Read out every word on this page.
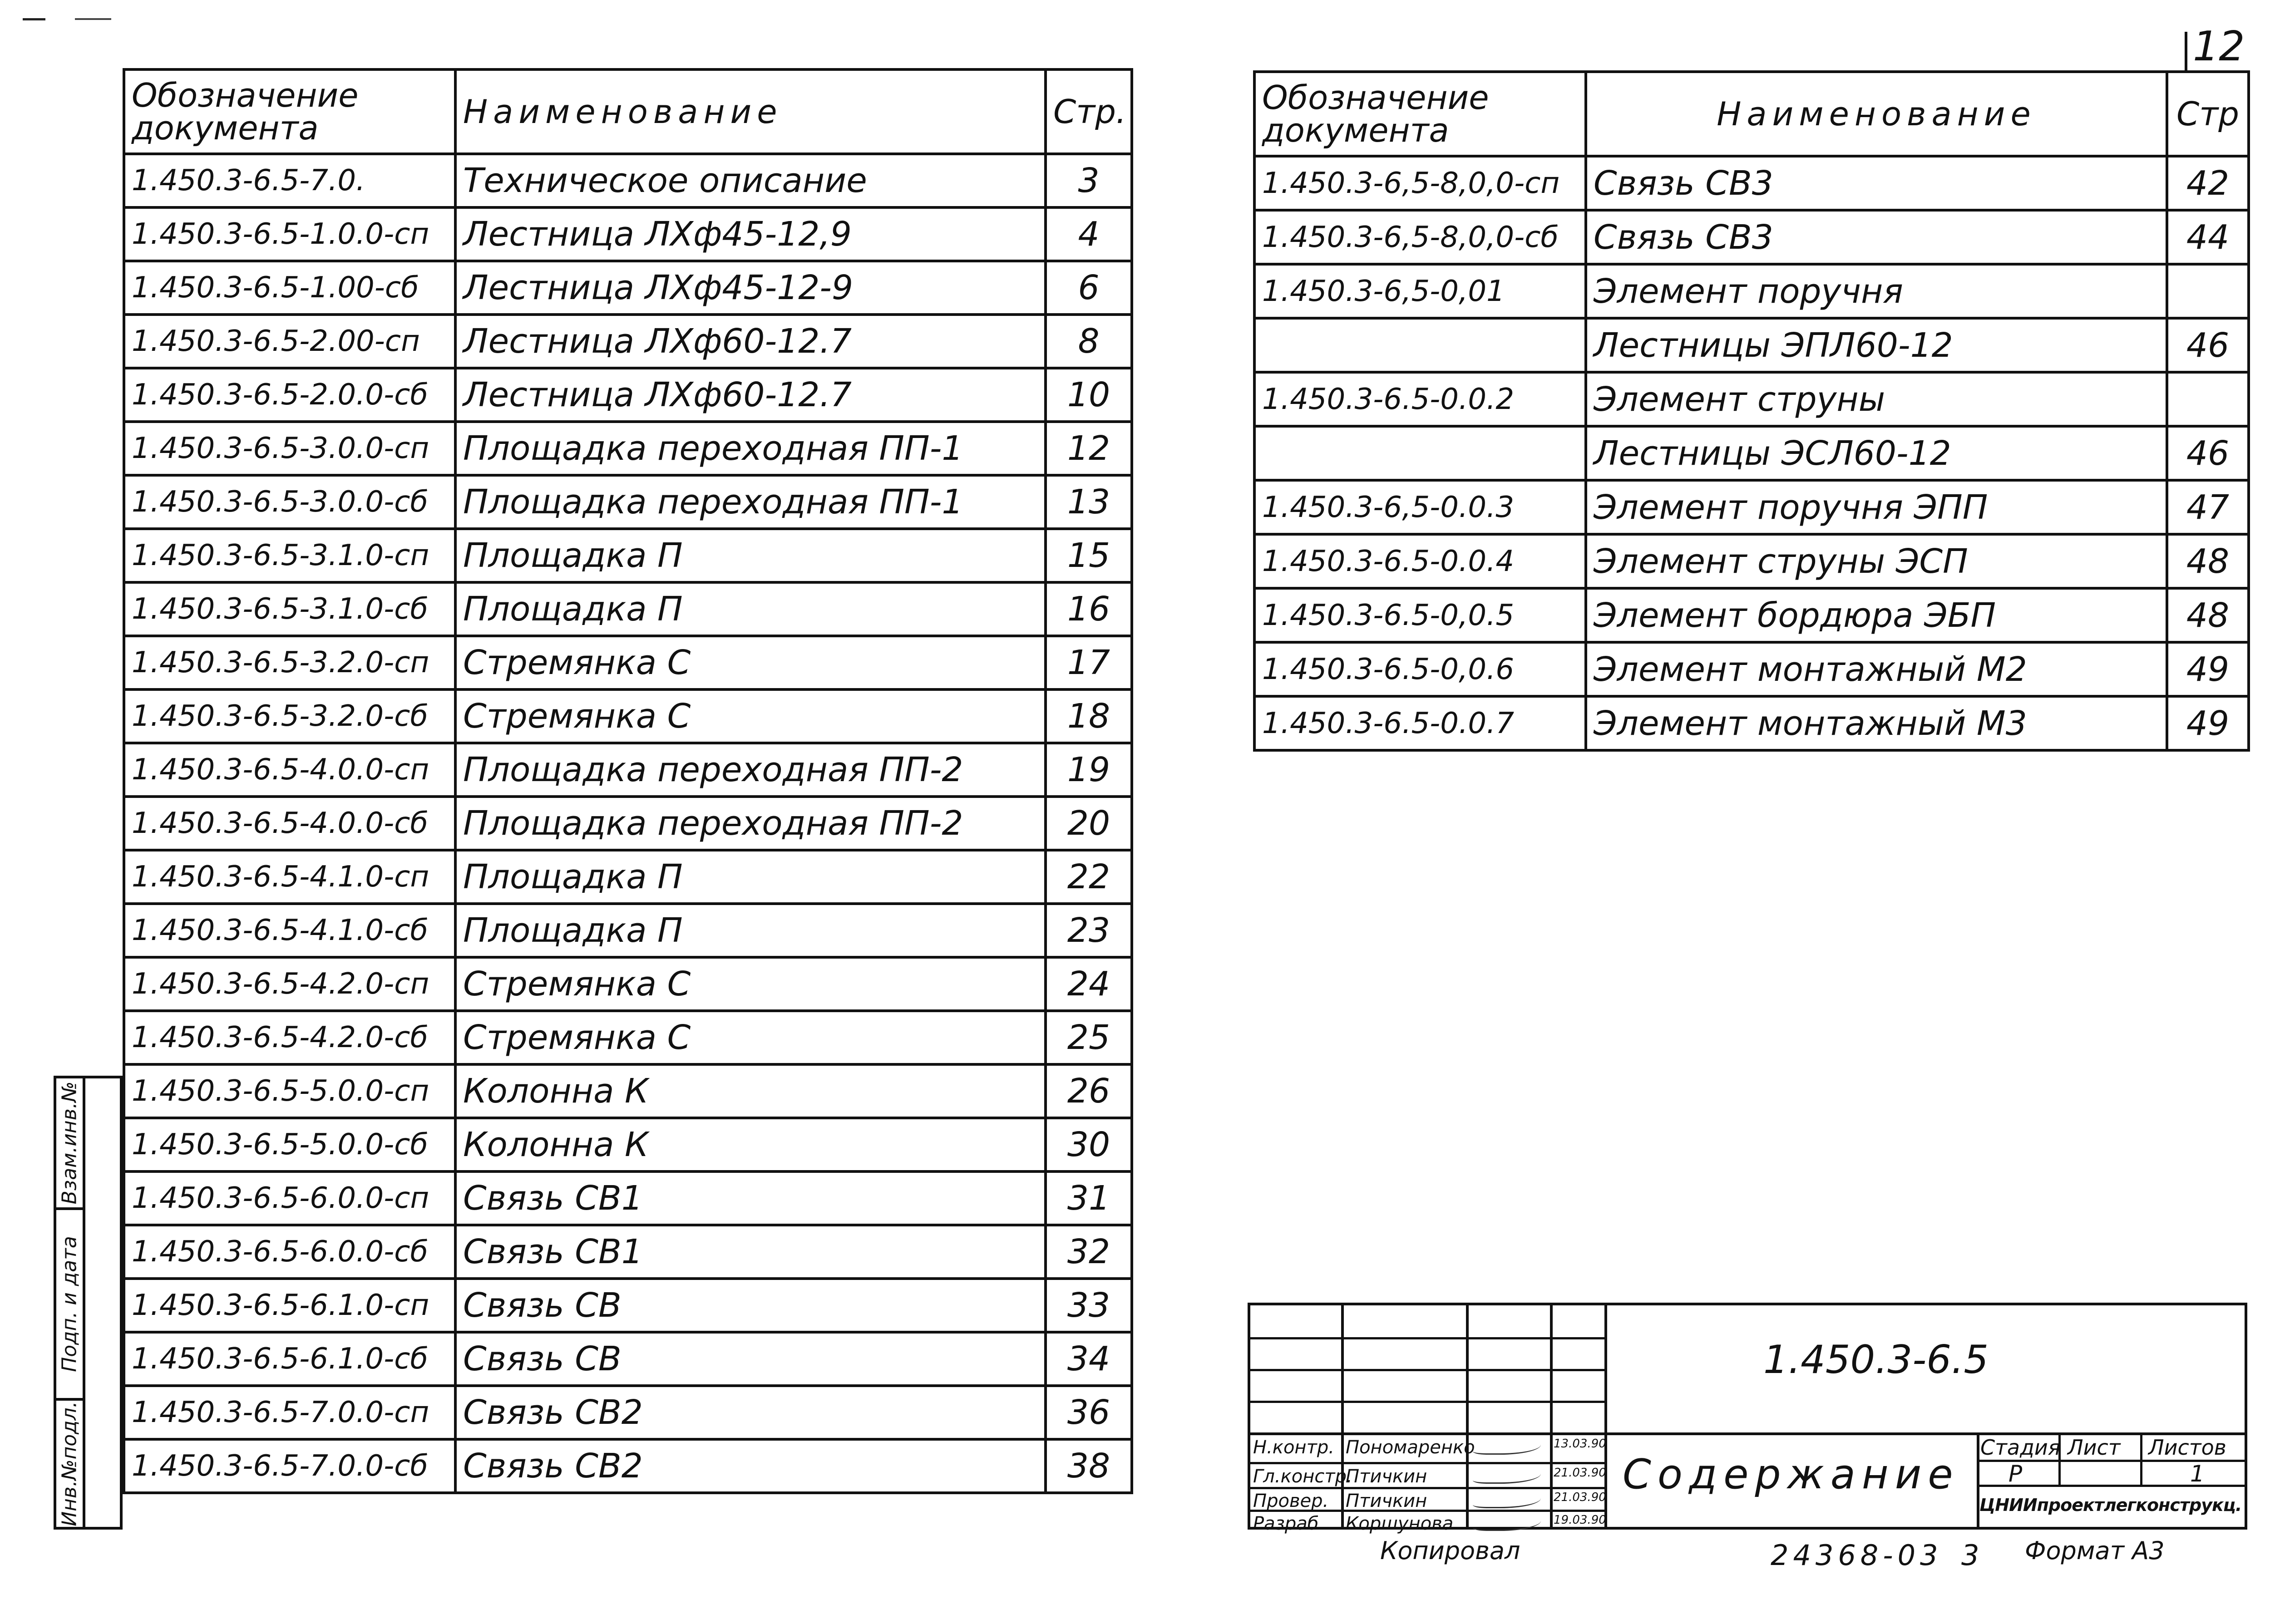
12
Обозначение документа	Наименование	Стр.
1.450.3-6.5-7.0.	Техническое описание	3
1.450.3-6.5-1.0.0-сп	Лестница ЛХф45-12,9	4
1.450.3-6.5-1.00-сб	Лестница ЛХф45-12-9	6
1.450.3-6.5-2.00-сп	Лестница ЛХф60-12.7	8
1.450.3-6.5-2.0.0-сб	Лестница ЛХф60-12.7	10
1.450.3-6.5-3.0.0-сп	Площадка переходная ПП-1	12
1.450.3-6.5-3.0.0-сб	Площадка переходная ПП-1	13
1.450.3-6.5-3.1.0-сп	Площадка П	15
1.450.3-6.5-3.1.0-сб	Площадка П	16
1.450.3-6.5-3.2.0-сп	Стремянка С	17
1.450.3-6.5-3.2.0-сб	Стремянка С	18
1.450.3-6.5-4.0.0-сп	Площадка переходная ПП-2	19
1.450.3-6.5-4.0.0-сб	Площадка переходная ПП-2	20
1.450.3-6.5-4.1.0-сп	Площадка П	22
1.450.3-6.5-4.1.0-сб	Площадка П	23
1.450.3-6.5-4.2.0-сп	Стремянка С	24
1.450.3-6.5-4.2.0-сб	Стремянка С	25
1.450.3-6.5-5.0.0-сп	Колонна К	26
1.450.3-6.5-5.0.0-сб	Колонна К	30
1.450.3-6.5-6.0.0-сп	Связь СВ1	31
1.450.3-6.5-6.0.0-сб	Связь СВ1	32
1.450.3-6.5-6.1.0-сп	Связь СВ	33
1.450.3-6.5-6.1.0-сб	Связь СВ	34
1.450.3-6.5-7.0.0-сп	Связь СВ2	36
1.450.3-6.5-7.0.0-сб	Связь СВ2	38
Обозначение документа	Наименование	Стр
1.450.3-6,5-8,0,0-сп	Связь СВ3	42
1.450.3-6,5-8,0,0-сб	Связь СВ3	44
1.450.3-6,5-0,01	Элемент поручня	
	Лестницы ЭПЛ60-12	46
1.450.3-6.5-0.0.2	Элемент струны	
	Лестницы ЭСЛ60-12	46
1.450.3-6,5-0.0.3	Элемент поручня ЭПП	47
1.450.3-6.5-0.0.4	Элемент струны ЭСП	48
1.450.3-6.5-0,0.5	Элемент бордюра ЭБП	48
1.450.3-6.5-0,0.6	Элемент монтажный М2	49
1.450.3-6.5-0.0.7	Элемент монтажный М3	49
Взам.инв.№
Подп. и дата
Инв.№подл.
1.450.3-6.5
Содержание
Стадия Лист Листов
Р	1
ЦНИИпроектлегконструкц.
Н.контр. Пономаренко	13.03.90
Гл.констр.
Птичкин	21.03.90
Провер. Птичкин	21.03.90
Разраб. Коршунова	19.03.90
Копировал	24368-03 3 Формат А3
